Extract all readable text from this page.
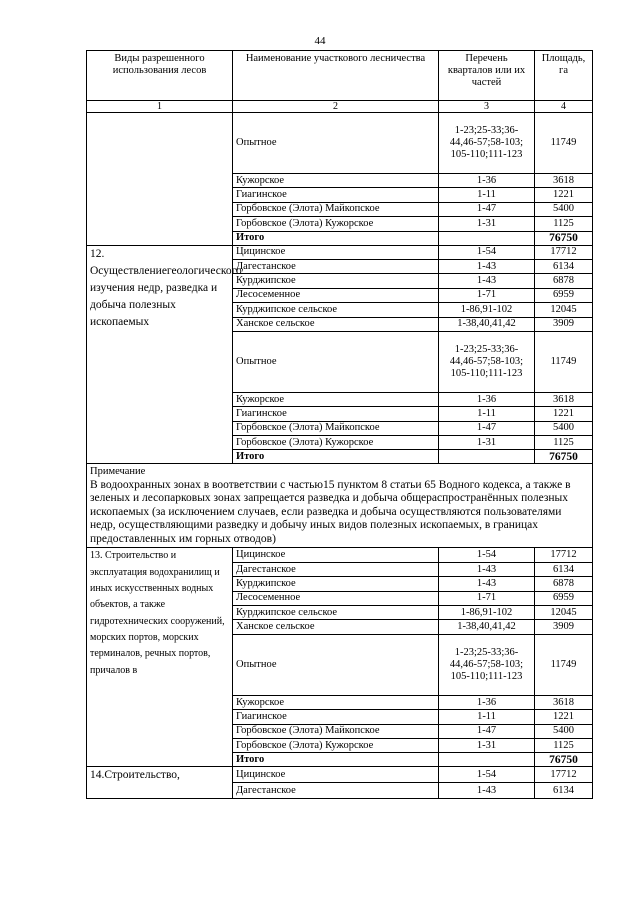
44
Виды разрешенного использования лесов	Наименование участкового лесничества	Перечень кварталов или их частей	Площадь, га
1	2	3	4
	Опытное	1-23;25-33;36-44,46-57;58-103; 105-110;111-123	11749
	Кужорское	1-36	3618
	Гиагинское	1-11	1221
	Горбовское (Элота) Майкопское	1-47	5400
	Горбовское (Элота) Кужорское	1-31	1125
	Итого		76750
12. Осуществлениегеологического изучения недр, разведка и добыча полезных ископаемых	Цицинское	1-54	17712
	Дагестанское	1-43	6134
	Курджипское	1-43	6878
	Лесосеменное	1-71	6959
	Курджипское сельское	1-86,91-102	12045
	Ханское сельское	1-38,40,41,42	3909
	Опытное	1-23;25-33;36-44,46-57;58-103; 105-110;111-123	11749
	Кужорское	1-36	3618
	Гиагинское	1-11	1221
	Горбовское (Элота) Майкопское	1-47	5400
	Горбовское (Элота) Кужорское	1-31	1125
	Итого		76750

Примечание
В водоохранных зонах в воответствии с частью15 пунктом 8 статьи 65 Водного кодекса, а также в зеленых и лесопарковых зонах запрещается разведка и добыча общераспространённых полезных ископаемых (за исключением случаев, если разведка и добыча осуществляются пользователями недр, осуществляющими разведку и добычу иных видов полезных ископаемых, в границах предоставленных им горных отводов)			

13. Строительство и эксплуатация водохранилищ и иных искусственных водных объектов, а также гидротехнических сооружений, морских портов, морских терминалов, речных портов, причалов в	Цицинское	1-54	17712
	Дагестанское	1-43	6134
	Курджипское	1-43	6878
	Лесосеменное	1-71	6959
	Курджипское сельское	1-86,91-102	12045
	Ханское сельское	1-38,40,41,42	3909
	Опытное	1-23;25-33;36-44,46-57;58-103; 105-110;111-123	11749
	Кужорское	1-36	3618
	Гиагинское	1-11	1221
	Горбовское (Элота) Майкопское	1-47	5400
	Горбовское (Элота) Кужорское	1-31	1125
	Итого		76750
14.Строительство,	Цицинское	1-54	17712
	Дагестанское	1-43	6134
